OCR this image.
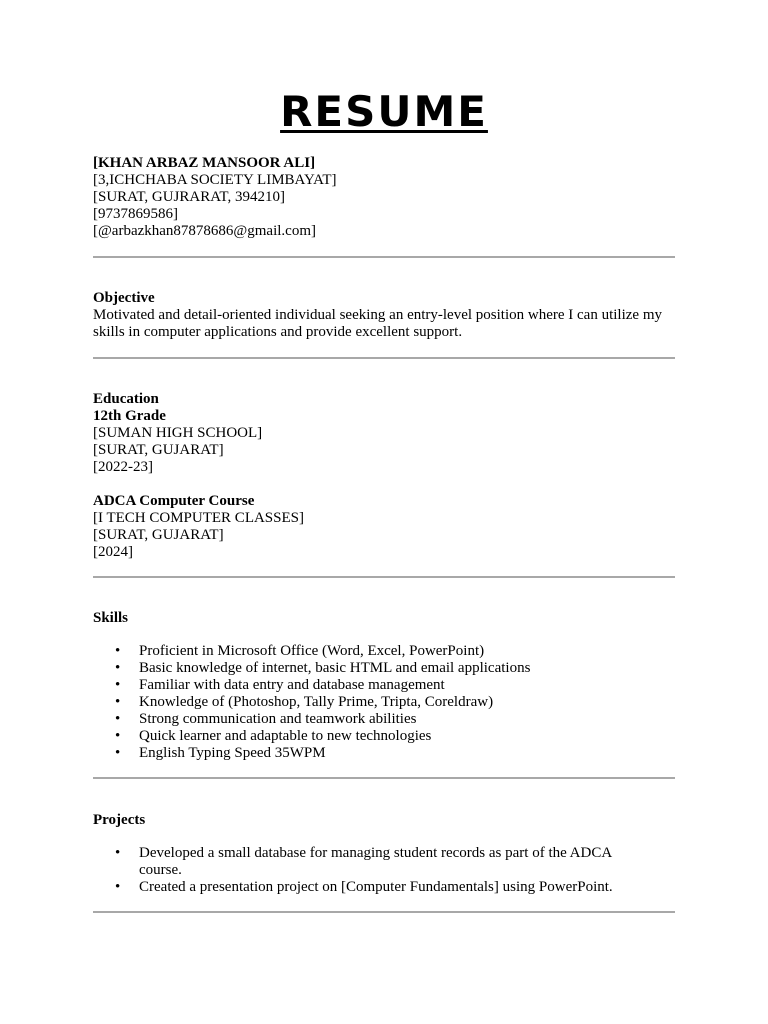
RESUME
[KHAN ARBAZ MANSOOR ALI]
[3,ICHCHABA SOCIETY LIMBAYAT]
[SURAT, GUJRARAT, 394210]
[9737869586]
[@arbazkhan87878686@gmail.com]
Objective
Motivated and detail-oriented individual seeking an entry-level position where I can utilize my skills in computer applications and provide excellent support.
Education
12th Grade
[SUMAN HIGH SCHOOL]
[SURAT, GUJARAT]
[2022-23]
ADCA Computer Course
[I TECH COMPUTER CLASSES]
[SURAT, GUJARAT]
[2024]
Skills
• Proficient in Microsoft Office (Word, Excel, PowerPoint)
• Basic knowledge of internet, basic HTML and email applications
• Familiar with data entry and database management
• Knowledge of (Photoshop, Tally Prime, Tripta, Coreldraw)
• Strong communication and teamwork abilities
• Quick learner and adaptable to new technologies
• English Typing Speed 35WPM
Projects
• Developed a small database for managing student records as part of the ADCA course.
• Created a presentation project on [Computer Fundamentals] using PowerPoint.
